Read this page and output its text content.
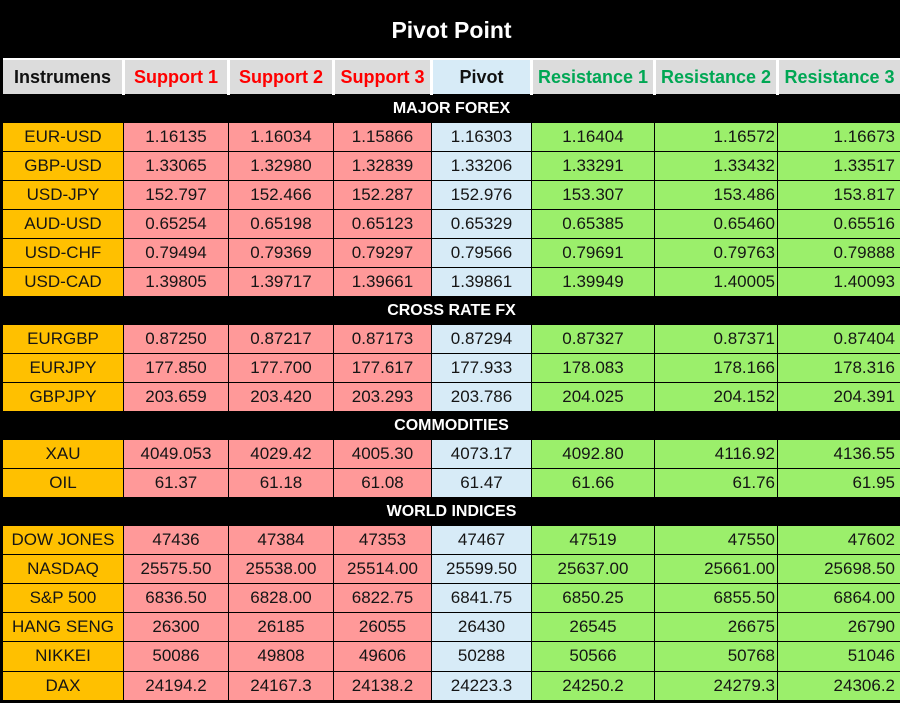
Pivot Point							
Instrumens	Support 1	Support 2	Support 3	Pivot	Resistance 1	Resistance 2	Resistance 3
MAJOR FOREX							
EUR-USD	1.16135	1.16034	1.15866	1.16303	1.16404	1.16572	1.16673
GBP-USD	1.33065	1.32980	1.32839	1.33206	1.33291	1.33432	1.33517
USD-JPY	152.797	152.466	152.287	152.976	153.307	153.486	153.817
AUD-USD	0.65254	0.65198	0.65123	0.65329	0.65385	0.65460	0.65516
USD-CHF	0.79494	0.79369	0.79297	0.79566	0.79691	0.79763	0.79888
USD-CAD	1.39805	1.39717	1.39661	1.39861	1.39949	1.40005	1.40093
CROSS RATE FX							
EURGBP	0.87250	0.87217	0.87173	0.87294	0.87327	0.87371	0.87404
EURJPY	177.850	177.700	177.617	177.933	178.083	178.166	178.316
GBPJPY	203.659	203.420	203.293	203.786	204.025	204.152	204.391
COMMODITIES							
XAU	4049.053	4029.42	4005.30	4073.17	4092.80	4116.92	4136.55
OIL	61.37	61.18	61.08	61.47	61.66	61.76	61.95
WORLD INDICES							
DOW JONES	47436	47384	47353	47467	47519	47550	47602
NASDAQ	25575.50	25538.00	25514.00	25599.50	25637.00	25661.00	25698.50
S&P 500	6836.50	6828.00	6822.75	6841.75	6850.25	6855.50	6864.00
HANG SENG	26300	26185	26055	26430	26545	26675	26790
NIKKEI	50086	49808	49606	50288	50566	50768	51046
DAX	24194.2	24167.3	24138.2	24223.3	24250.2	24279.3	24306.2
